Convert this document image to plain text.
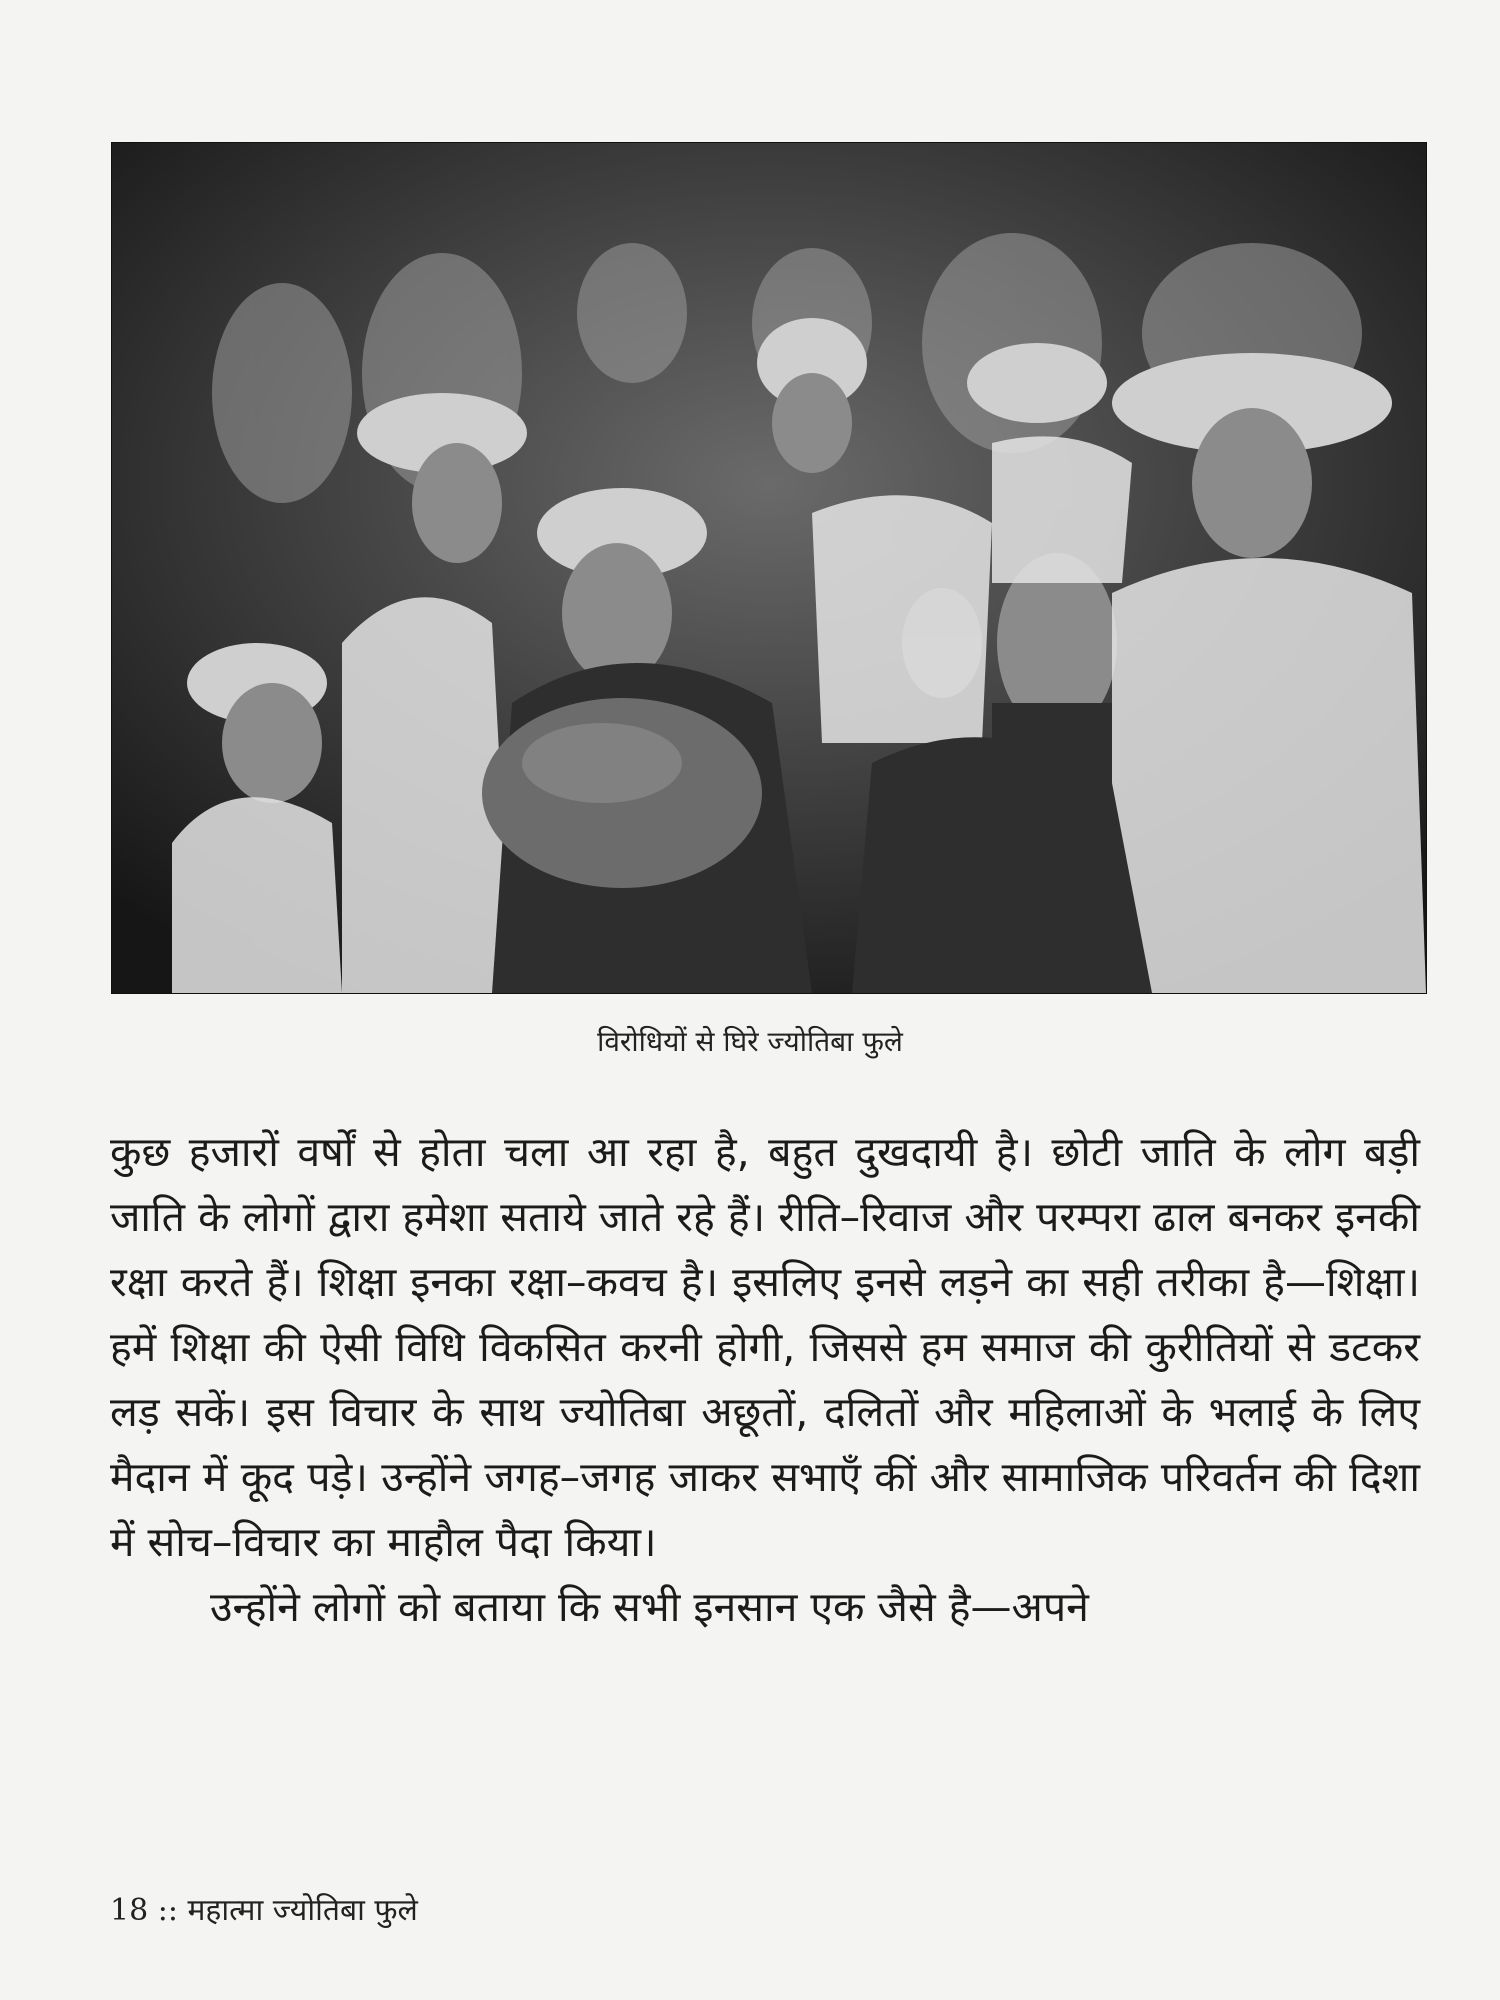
विरोधियों से घिरे ज्योतिबा फुले

कुछ हजारों वर्षों से होता चला आ रहा है, बहुत दुखदायी है। छोटी जाति के लोग बड़ी जाति के लोगों द्वारा हमेशा सताये जाते रहे हैं। रीति–रिवाज और परम्परा ढाल बनकर इनकी रक्षा करते हैं। शिक्षा इनका रक्षा–कवच है। इसलिए इनसे लड़ने का सही तरीका है—शिक्षा। हमें शिक्षा की ऐसी विधि विकसित करनी होगी, जिससे हम समाज की कुरीतियों से डटकर लड़ सकें। इस विचार के साथ ज्योतिबा अछूतों, दलितों और महिलाओं के भलाई के लिए मैदान में कूद पड़े। उन्होंने जगह–जगह जाकर सभाएँ कीं और सामाजिक परिवर्तन की दिशा में सोच–विचार का माहौल पैदा किया।

उन्होंने लोगों को बताया कि सभी इनसान एक जैसे है—अपने

18 :: महात्मा ज्योतिबा फुले
